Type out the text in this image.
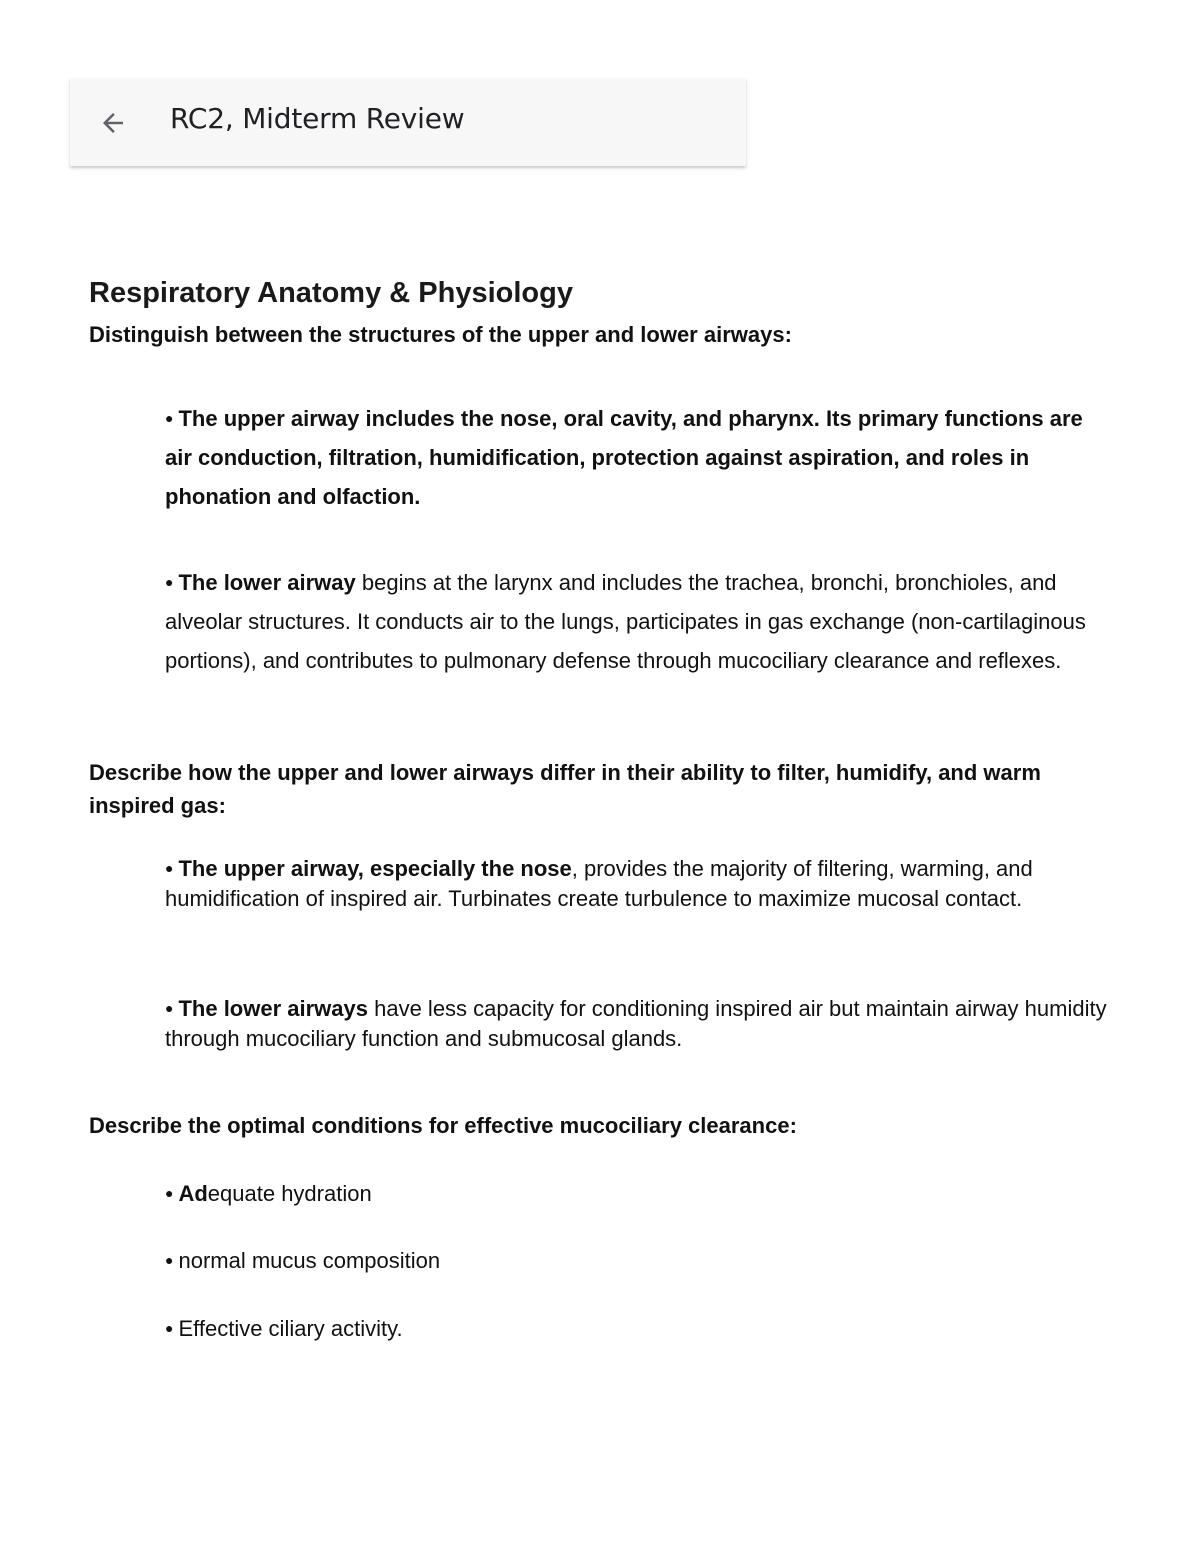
RC2, Midterm Review
Respiratory Anatomy & Physiology
Distinguish between the structures of the upper and lower airways:
● The upper airway includes the nose, oral cavity, and pharynx. Its primary functions are air conduction, filtration, humidification, protection against aspiration, and roles in phonation and olfaction.
● The lower airway begins at the larynx and includes the trachea, bronchi, bronchioles, and alveolar structures. It conducts air to the lungs, participates in gas exchange (non-cartilaginous portions), and contributes to pulmonary defense through mucociliary clearance and reflexes.
Describe how the upper and lower airways differ in their ability to filter, humidify, and warm inspired gas:
● The upper airway, especially the nose, provides the majority of filtering, warming, and humidification of inspired air. Turbinates create turbulence to maximize mucosal contact.
● The lower airways have less capacity for conditioning inspired air but maintain airway humidity through mucociliary function and submucosal glands.
Describe the optimal conditions for effective mucociliary clearance:
● Adequate hydration
● normal mucus composition
● Effective ciliary activity.
